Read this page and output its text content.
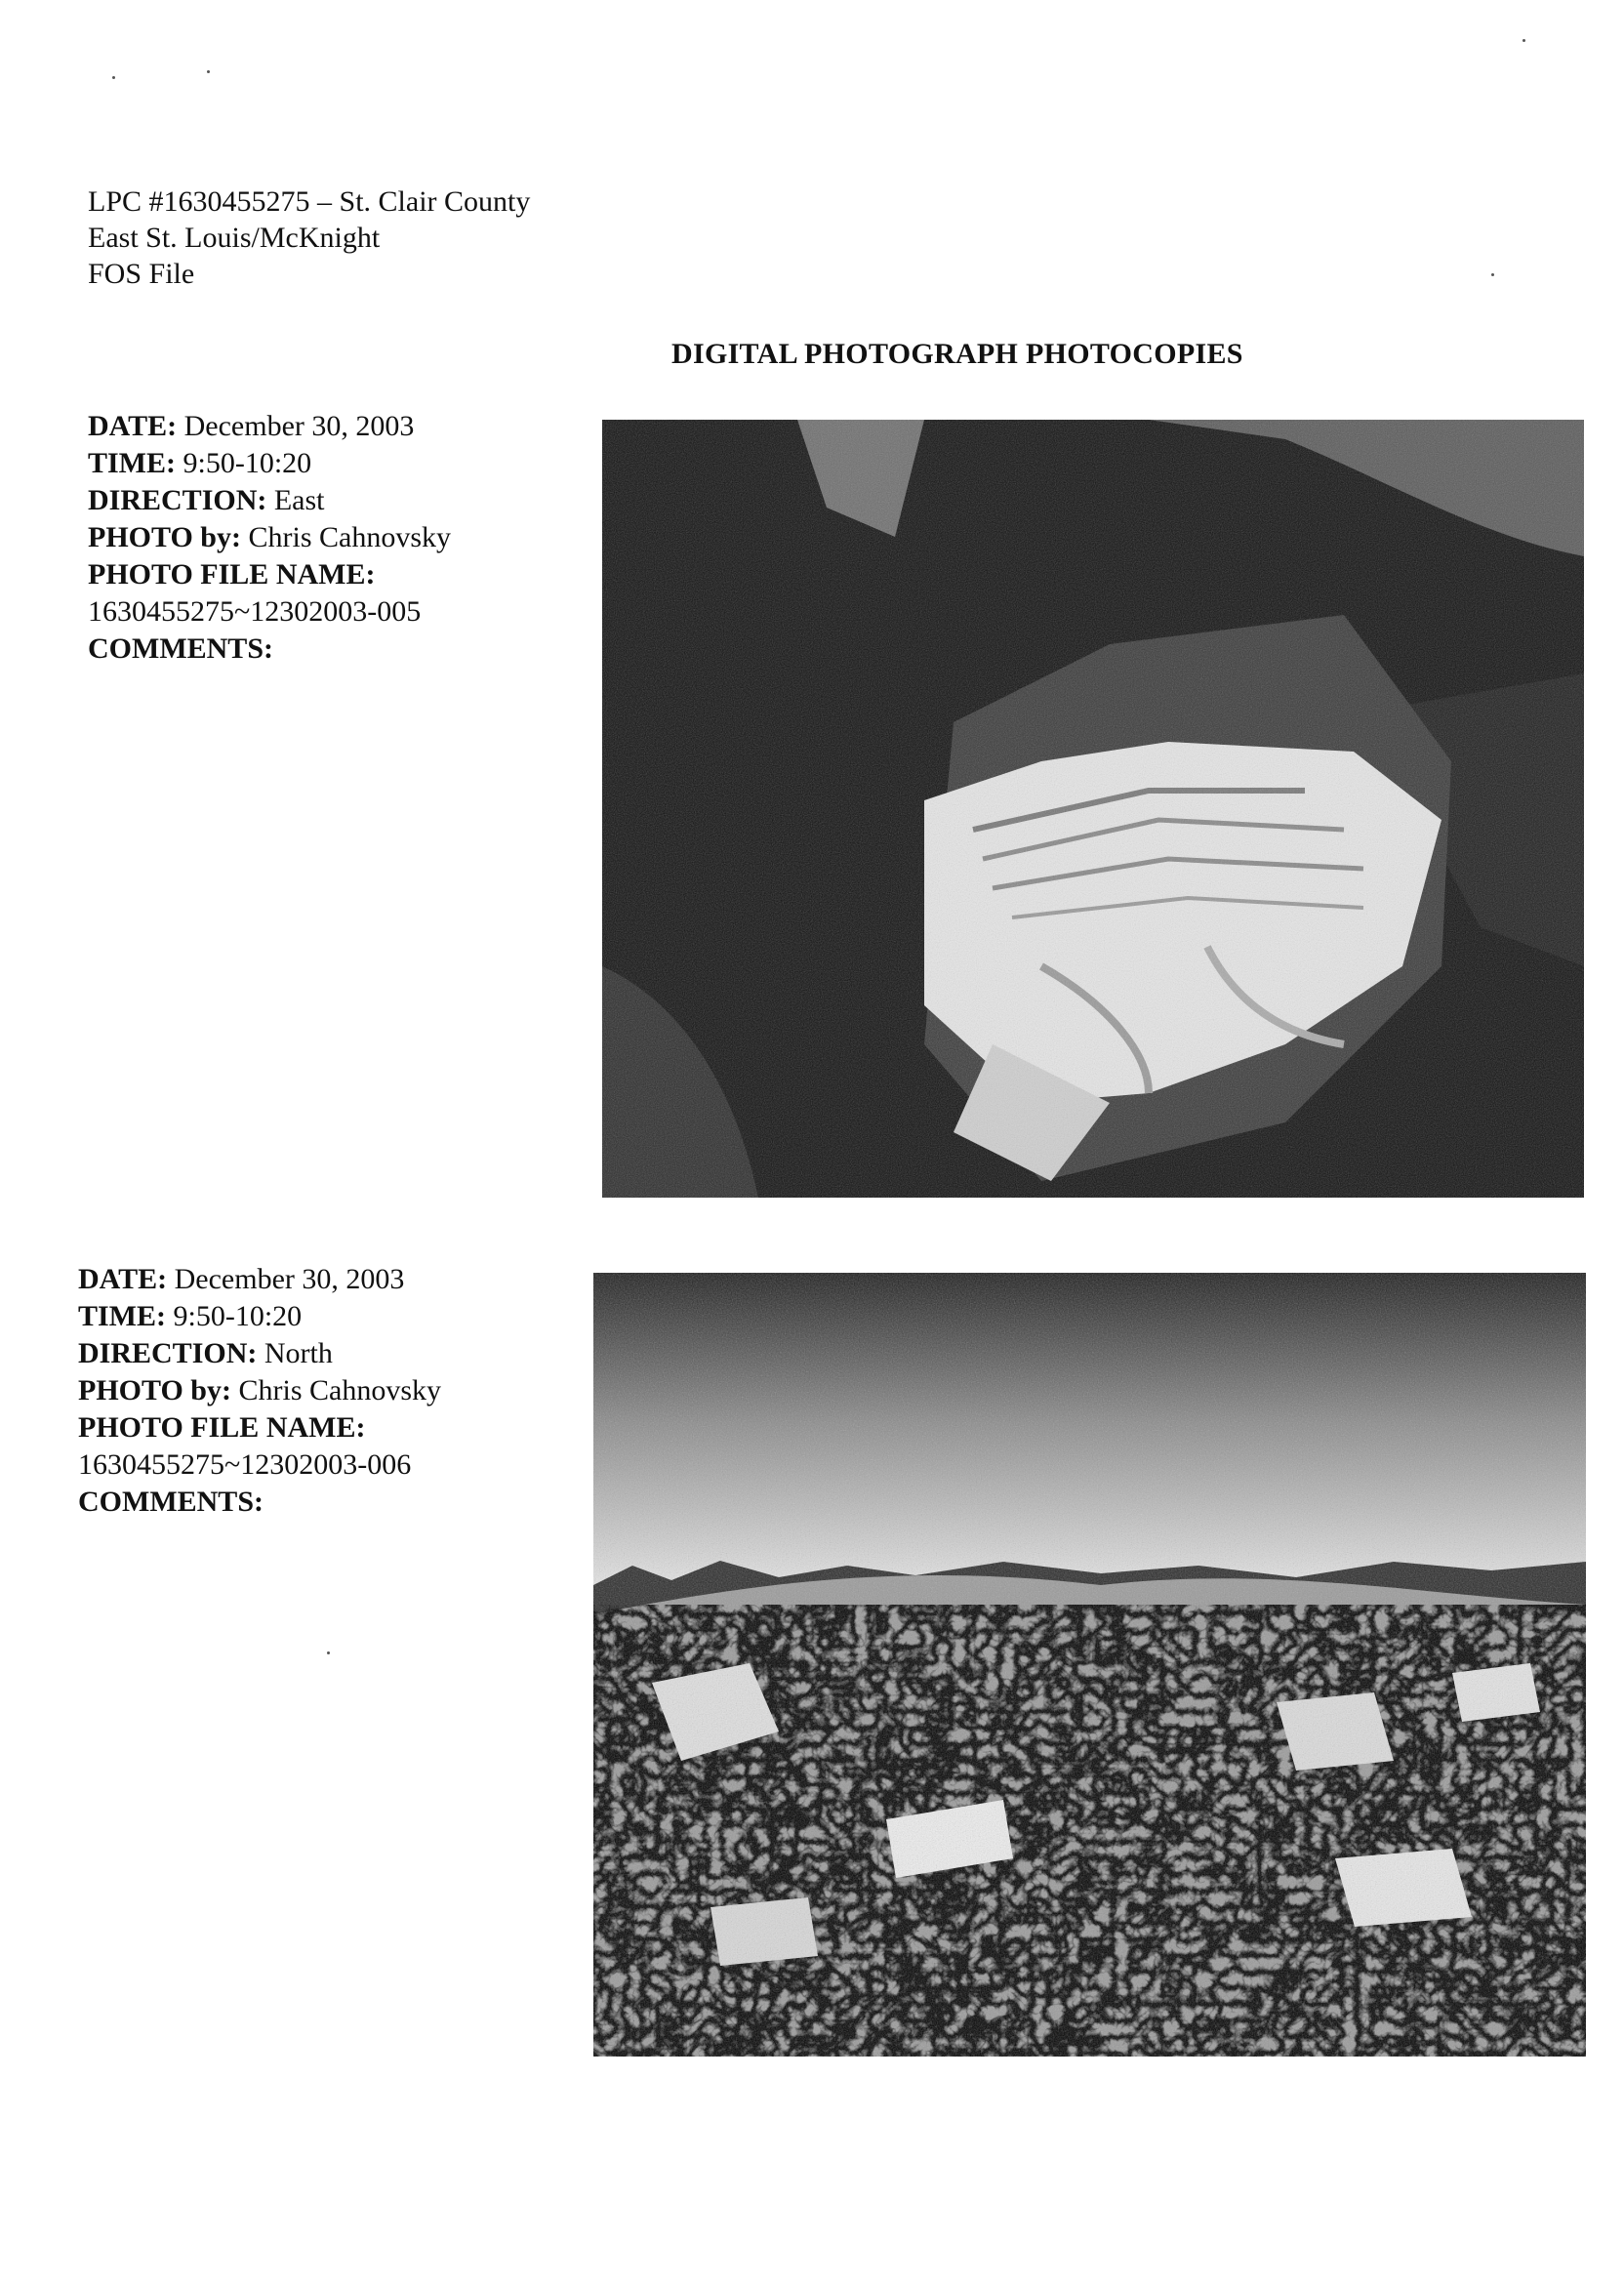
LPC #1630455275 – St. Clair County
East St. Louis/McKnight
FOS File
DIGITAL PHOTOGRAPH PHOTOCOPIES
DATE: December 30, 2003
TIME: 9:50-10:20
DIRECTION: East
PHOTO by: Chris Cahnovsky
PHOTO FILE NAME:
1630455275~12302003-005
COMMENTS:
DATE: December 30, 2003
TIME: 9:50-10:20
DIRECTION: North
PHOTO by: Chris Cahnovsky
PHOTO FILE NAME:
1630455275~12302003-006
COMMENTS:
